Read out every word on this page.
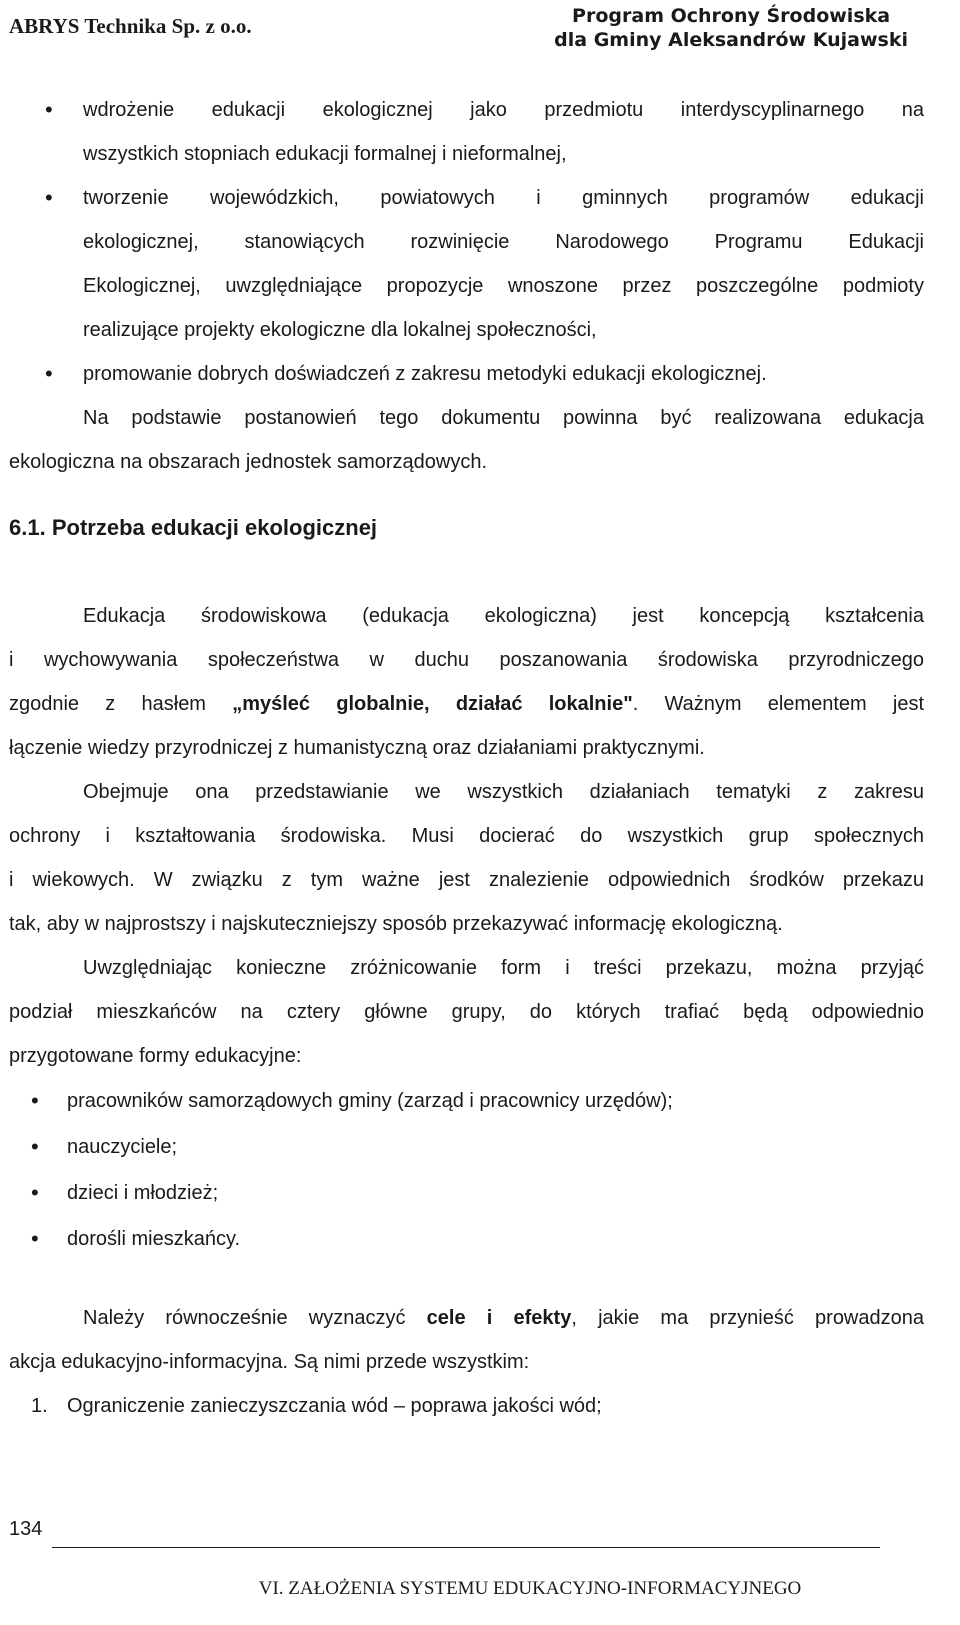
ABRYS Technika Sp. z o.o.	Program Ochrony Środowiska
dla Gminy Aleksandrów Kujawski
• wdrożenie edukacji ekologicznej jako przedmiotu interdyscyplinarnego na
wszystkich stopniach edukacji formalnej i nieformalnej,
• tworzenie wojewódzkich, powiatowych i gminnych programów edukacji
ekologicznej, stanowiących rozwinięcie Narodowego Programu Edukacji
Ekologicznej, uwzględniające propozycje wnoszone przez poszczególne podmioty
realizujące projekty ekologiczne dla lokalnej społeczności,
• promowanie dobrych doświadczeń z zakresu metodyki edukacji ekologicznej.
Na podstawie postanowień tego dokumentu powinna być realizowana edukacja
ekologiczna na obszarach jednostek samorządowych.
6.1. Potrzeba edukacji ekologicznej
Edukacja środowiskowa (edukacja ekologiczna) jest koncepcją kształcenia
i wychowywania społeczeństwa w duchu poszanowania środowiska przyrodniczego
zgodnie z hasłem „myśleć globalnie, działać lokalnie". Ważnym elementem jest
łączenie wiedzy przyrodniczej z humanistyczną oraz działaniami praktycznymi.
Obejmuje ona przedstawianie we wszystkich działaniach tematyki z zakresu
ochrony i kształtowania środowiska. Musi docierać do wszystkich grup społecznych
i wiekowych. W związku z tym ważne jest znalezienie odpowiednich środków przekazu
tak, aby w najprostszy i najskuteczniejszy sposób przekazywać informację ekologiczną.
Uwzględniając konieczne zróżnicowanie form i treści przekazu, można przyjąć
podział mieszkańców na cztery główne grupy, do których trafiać będą odpowiednio
przygotowane formy edukacyjne:
• pracowników samorządowych gminy (zarząd i pracownicy urzędów);
• nauczyciele;
• dzieci i młodzież;
• dorośli mieszkańcy.
Należy równocześnie wyznaczyć cele i efekty, jakie ma przynieść prowadzona
akcja edukacyjno-informacyjna. Są nimi przede wszystkim:
1. Ograniczenie zanieczyszczania wód – poprawa jakości wód;
134
VI. ZAŁOŻENIA SYSTEMU EDUKACYJNO-INFORMACYJNEGO
